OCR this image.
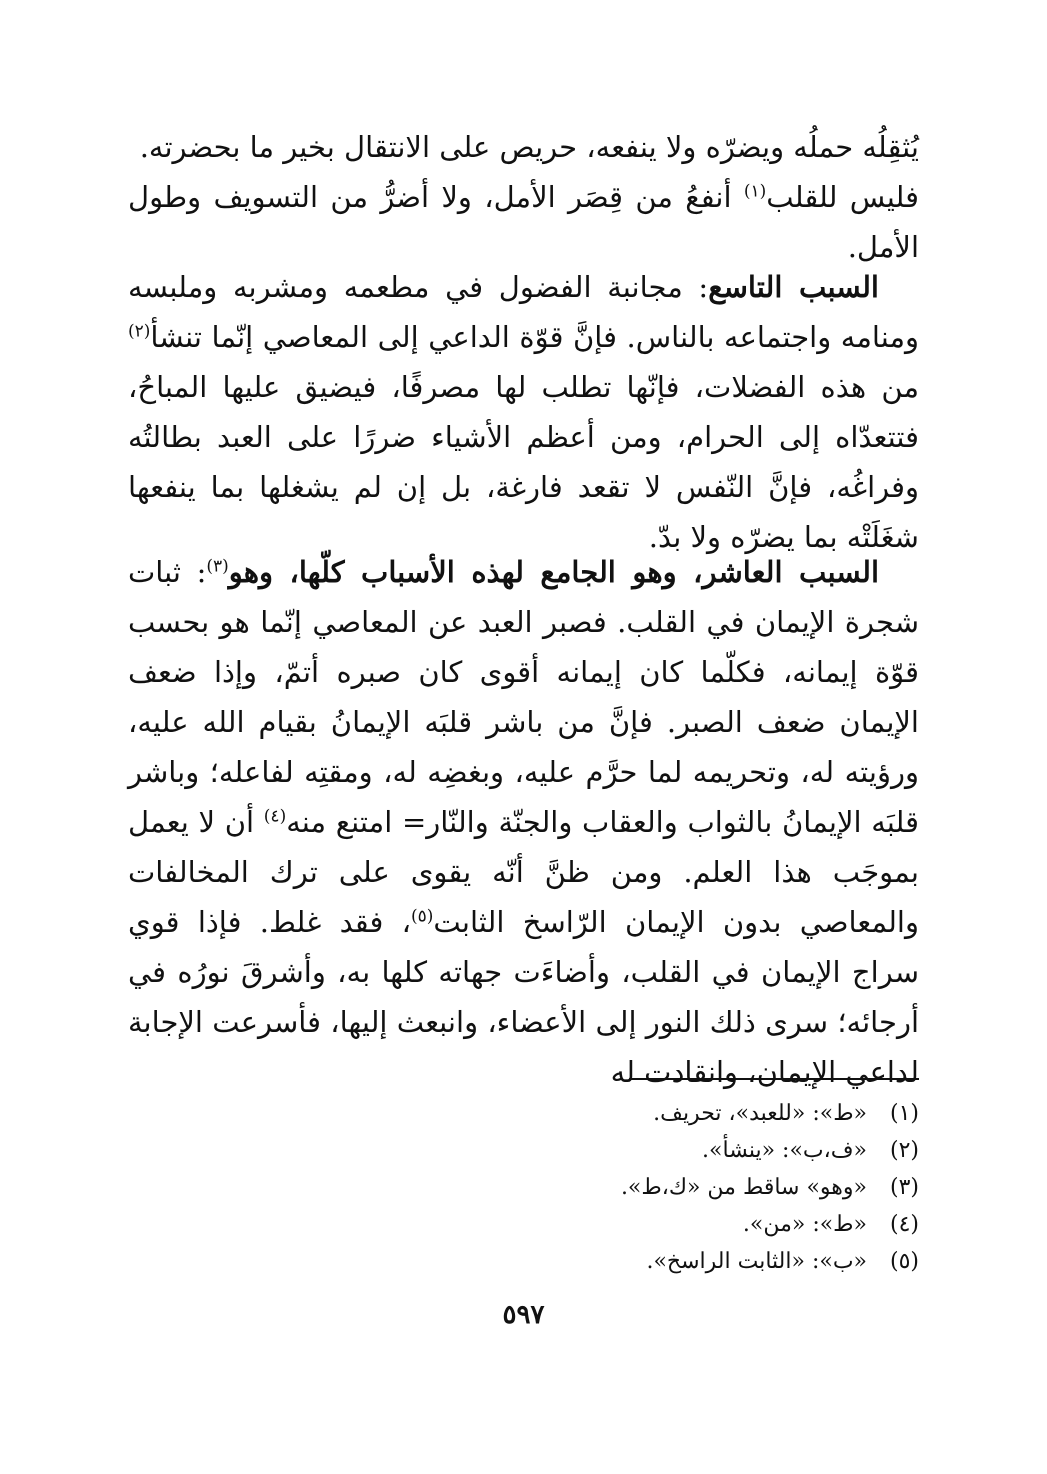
يُثقِلُه حملُه ويضرّه ولا ينفعه، حريص على الانتقال بخير ما بحضرته.

فليس للقلب$^{(١)}$ أنفعُ من قِصَر الأمل، ولا أضرُّ من التسويف وطول الأمل.

السبب التاسع: مجانبة الفضول في مطعمه ومشربه وملبسه ومنامه واجتماعه بالناس. فإنَّ قوّة الداعي إلى المعاصي إنّما تنشأ$^{(٢)}$ من هذه الفضلات، فإنّها تطلب لها مصرفًا، فيضيق عليها المباحُ، فتتعدّاه إلى الحرام، ومن أعظم الأشياء ضررًا على العبد بطالتُه وفراغُه، فإنَّ النّفس لا تقعد فارغة، بل إن لم يشغلها بما ينفعها شغَلَتْه بما يضرّه ولا بدّ.
السبب العاشر، وهو الجامع لهذه الأسباب كلّها، وهو$^{(٣)}$: ثبات شجرة الإيمان في القلب. فصبر العبد عن المعاصي إنّما هو بحسب قوّة إيمانه، فكلّما كان إيمانه أقوى كان صبره أتمّ، وإذا ضعف الإيمان ضعف الصبر. فإنَّ من باشر قلبَه الإيمانُ بقيام الله عليه، ورؤيته له، وتحريمه لما حرَّم عليه، وبغضِه له، ومقتِه لفاعله؛ وباشر قلبَه الإيمانُ بالثواب والعقاب والجنّة والنّار= امتنع منه$^{(٤)}$ أن لا يعمل بموجَب هذا العلم. ومن ظنَّ أنّه يقوى على ترك المخالفات والمعاصي بدون الإيمان الرّاسخ الثابت$^{(٥)}$، فقد غلط. فإذا قوي سراج الإيمان في القلب، وأضاءَت جهاته كلها به، وأشرقَ نورُه في أرجائه؛ سرى ذلك النور إلى الأعضاء، وانبعث إليها، فأسرعت الإجابة لداعي الإيمان، وانقادت له
(١)«ط»: «للعبد»، تحريف.
(٢)«ف،ب»: «ينشأ».
(٣)«وهو» ساقط من «ك،ط».
(٤)«ط»: «من».
(٥)«ب»: «الثابت الراسخ».
٥٩٧
